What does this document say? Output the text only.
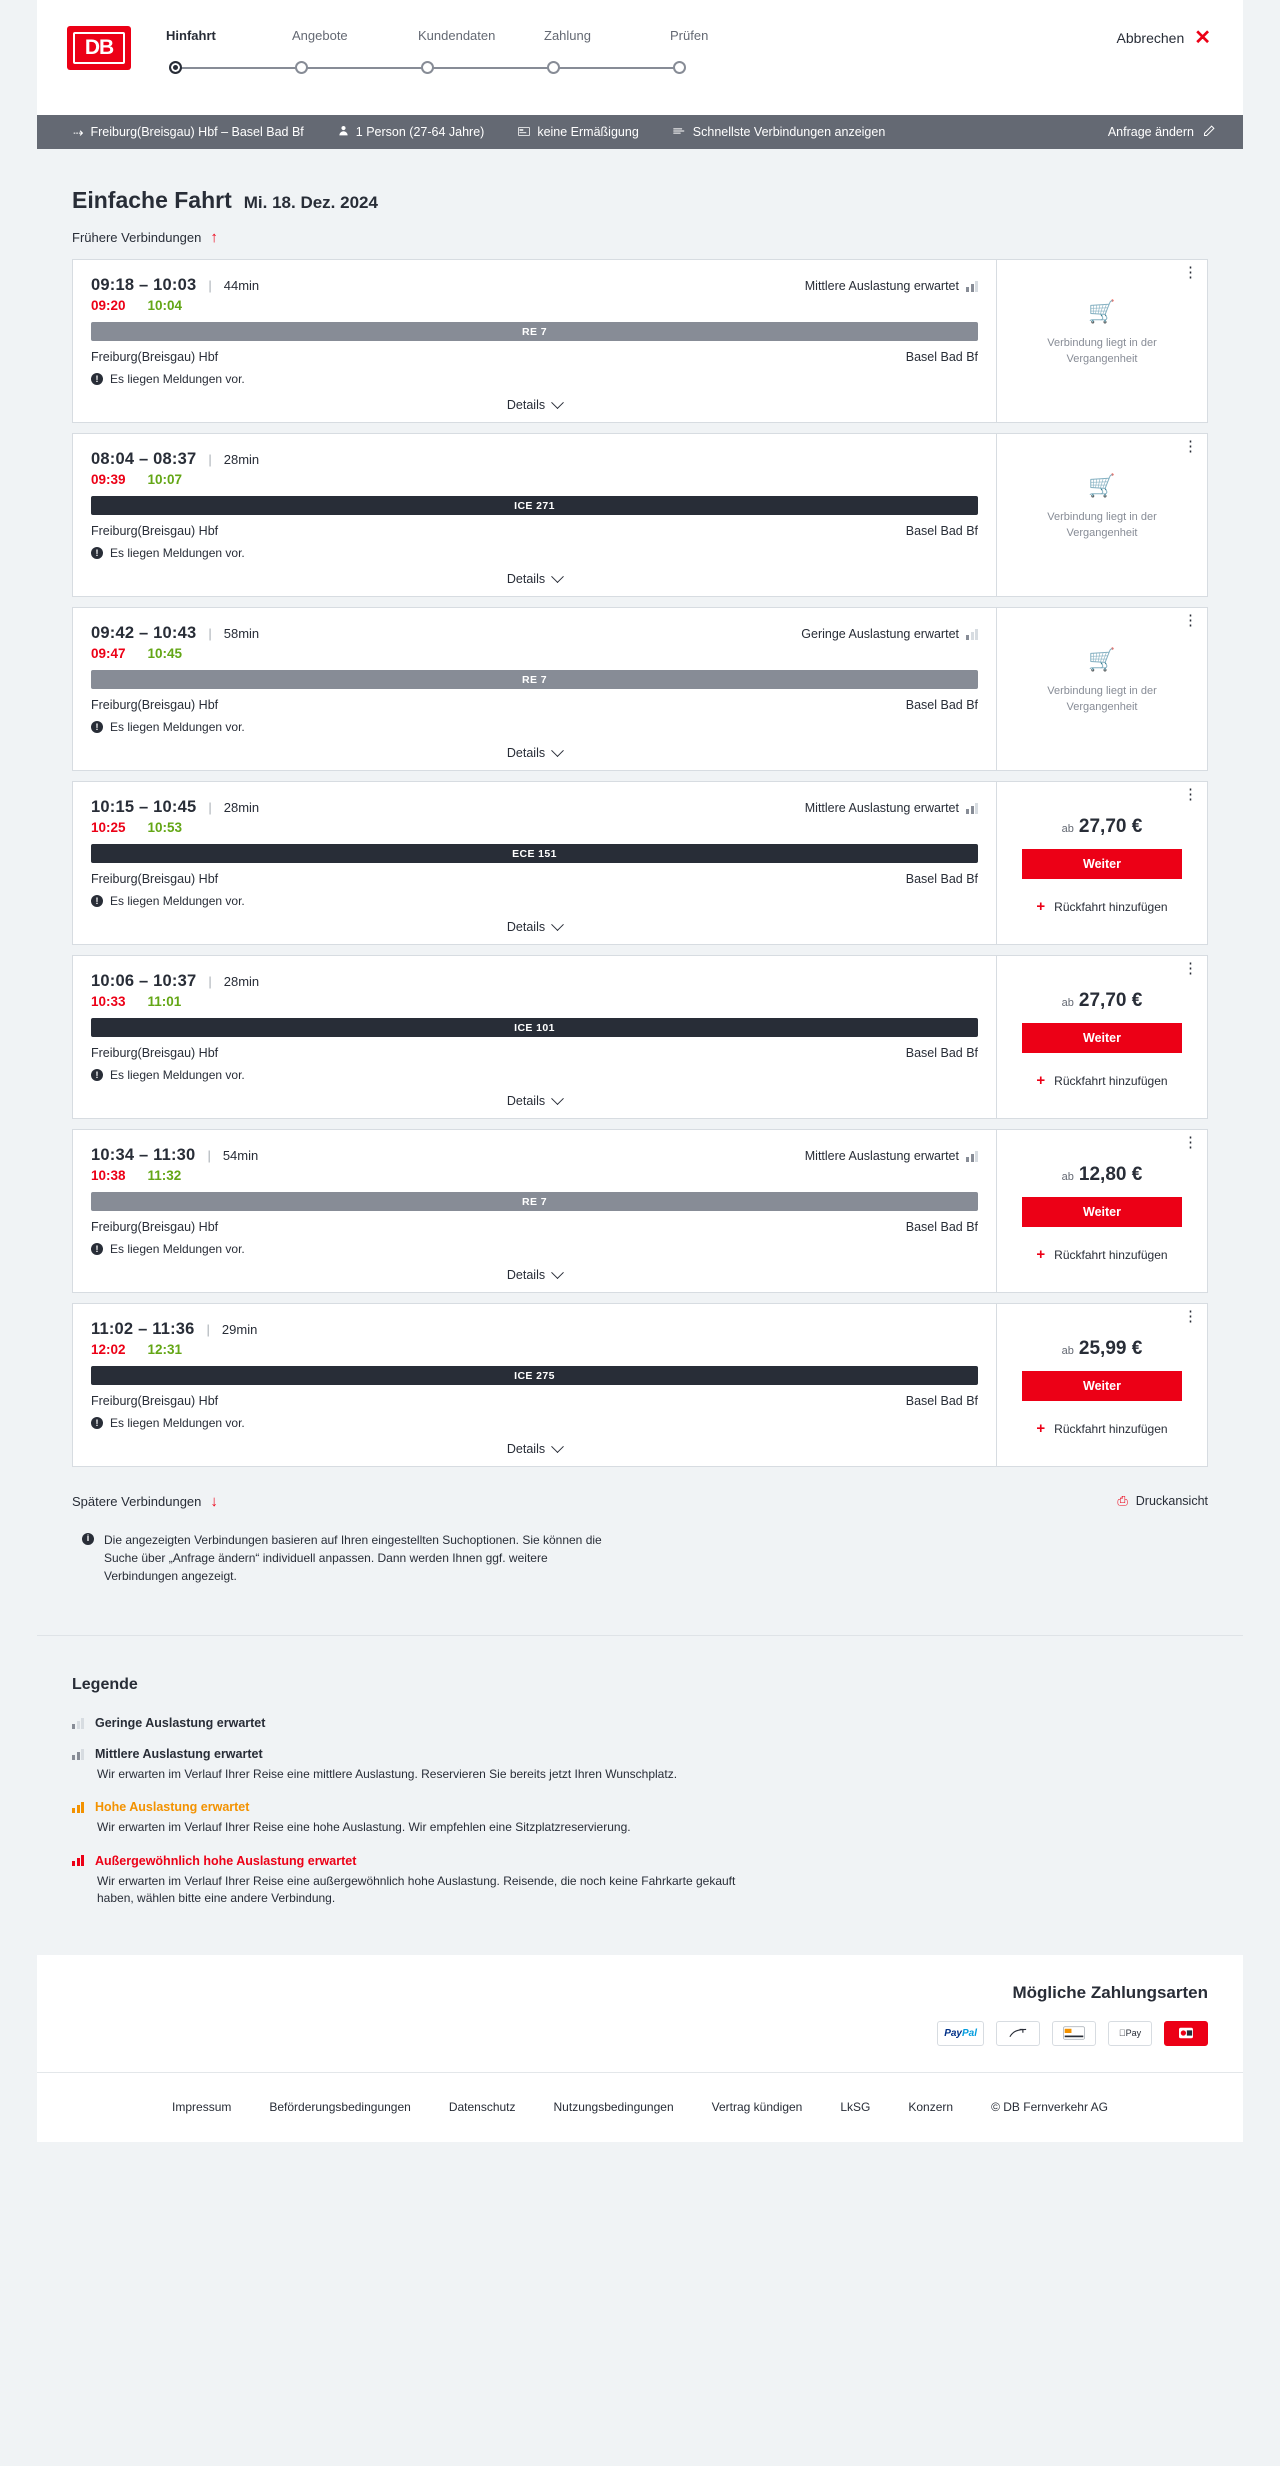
DB
Hinfahrt	Angebote	Kundendaten	Zahlung	Prüfen	Abbrechen ✕
⇢ Freiburg(Breisgau) Hbf – Basel Bad Bf	1 Person (27-64 Jahre)	keine Ermäßigung	Schnellste Verbindungen anzeigen	Anfrage ändern
Einfache Fahrt Mi. 18. Dez. 2024
Frühere Verbindungen ↑
09:18 – 10:03 | 44min	Mittlere Auslastung erwartet
09:20 10:04
RE 7
Freiburg(Breisgau) Hbf	Basel Bad Bf
! Es liegen Meldungen vor.
Details
⋮
🛒
Verbindung liegt in der Vergangenheit
08:04 – 08:37 | 28min
09:39 10:07
ICE 271
Freiburg(Breisgau) Hbf	Basel Bad Bf
! Es liegen Meldungen vor.
Details
⋮
🛒
Verbindung liegt in der Vergangenheit
09:42 – 10:43 | 58min	Geringe Auslastung erwartet
09:47 10:45
RE 7
Freiburg(Breisgau) Hbf	Basel Bad Bf
! Es liegen Meldungen vor.
Details
⋮
🛒
Verbindung liegt in der Vergangenheit
10:15 – 10:45 | 28min	Mittlere Auslastung erwartet
10:25 10:53
ECE 151
Freiburg(Breisgau) Hbf	Basel Bad Bf
! Es liegen Meldungen vor.
Details
⋮
ab 27,70 €
Weiter
+ Rückfahrt hinzufügen
10:06 – 10:37 | 28min
10:33 11:01
ICE 101
Freiburg(Breisgau) Hbf	Basel Bad Bf
! Es liegen Meldungen vor.
Details
⋮
ab 27,70 €
Weiter
+ Rückfahrt hinzufügen
10:34 – 11:30 | 54min	Mittlere Auslastung erwartet
10:38 11:32
RE 7
Freiburg(Breisgau) Hbf	Basel Bad Bf
! Es liegen Meldungen vor.
Details
⋮
ab 12,80 €
Weiter
+ Rückfahrt hinzufügen
11:02 – 11:36 | 29min
12:02 12:31
ICE 275
Freiburg(Breisgau) Hbf	Basel Bad Bf
! Es liegen Meldungen vor.
Details
⋮
ab 25,99 €
Weiter
+ Rückfahrt hinzufügen
Spätere Verbindungen ↓	⎙ Druckansicht
i	Die angezeigten Verbindungen basieren auf Ihren eingestellten Suchoptionen. Sie können die Suche über „Anfrage ändern“ individuell anpassen. Dann werden Ihnen ggf. weitere Verbindungen angezeigt.
Legende
Geringe Auslastung erwartet
Mittlere Auslastung erwartet
Wir erwarten im Verlauf Ihrer Reise eine mittlere Auslastung. Reservieren Sie bereits jetzt Ihren Wunschplatz.
Hohe Auslastung erwartet
Wir erwarten im Verlauf Ihrer Reise eine hohe Auslastung. Wir empfehlen eine Sitzplatzreservierung.
Außergewöhnlich hohe Auslastung erwartet
Wir erwarten im Verlauf Ihrer Reise eine außergewöhnlich hohe Auslastung. Reisende, die noch keine Fahrkarte gekauft haben, wählen bitte eine andere Verbindung.
Mögliche Zahlungsarten
Pay Pal	Pay
Impressum	Beförderungsbedingungen	Datenschutz	Nutzungsbedingungen	Vertrag kündigen	LkSG	Konzern	© DB Fernverkehr AG
